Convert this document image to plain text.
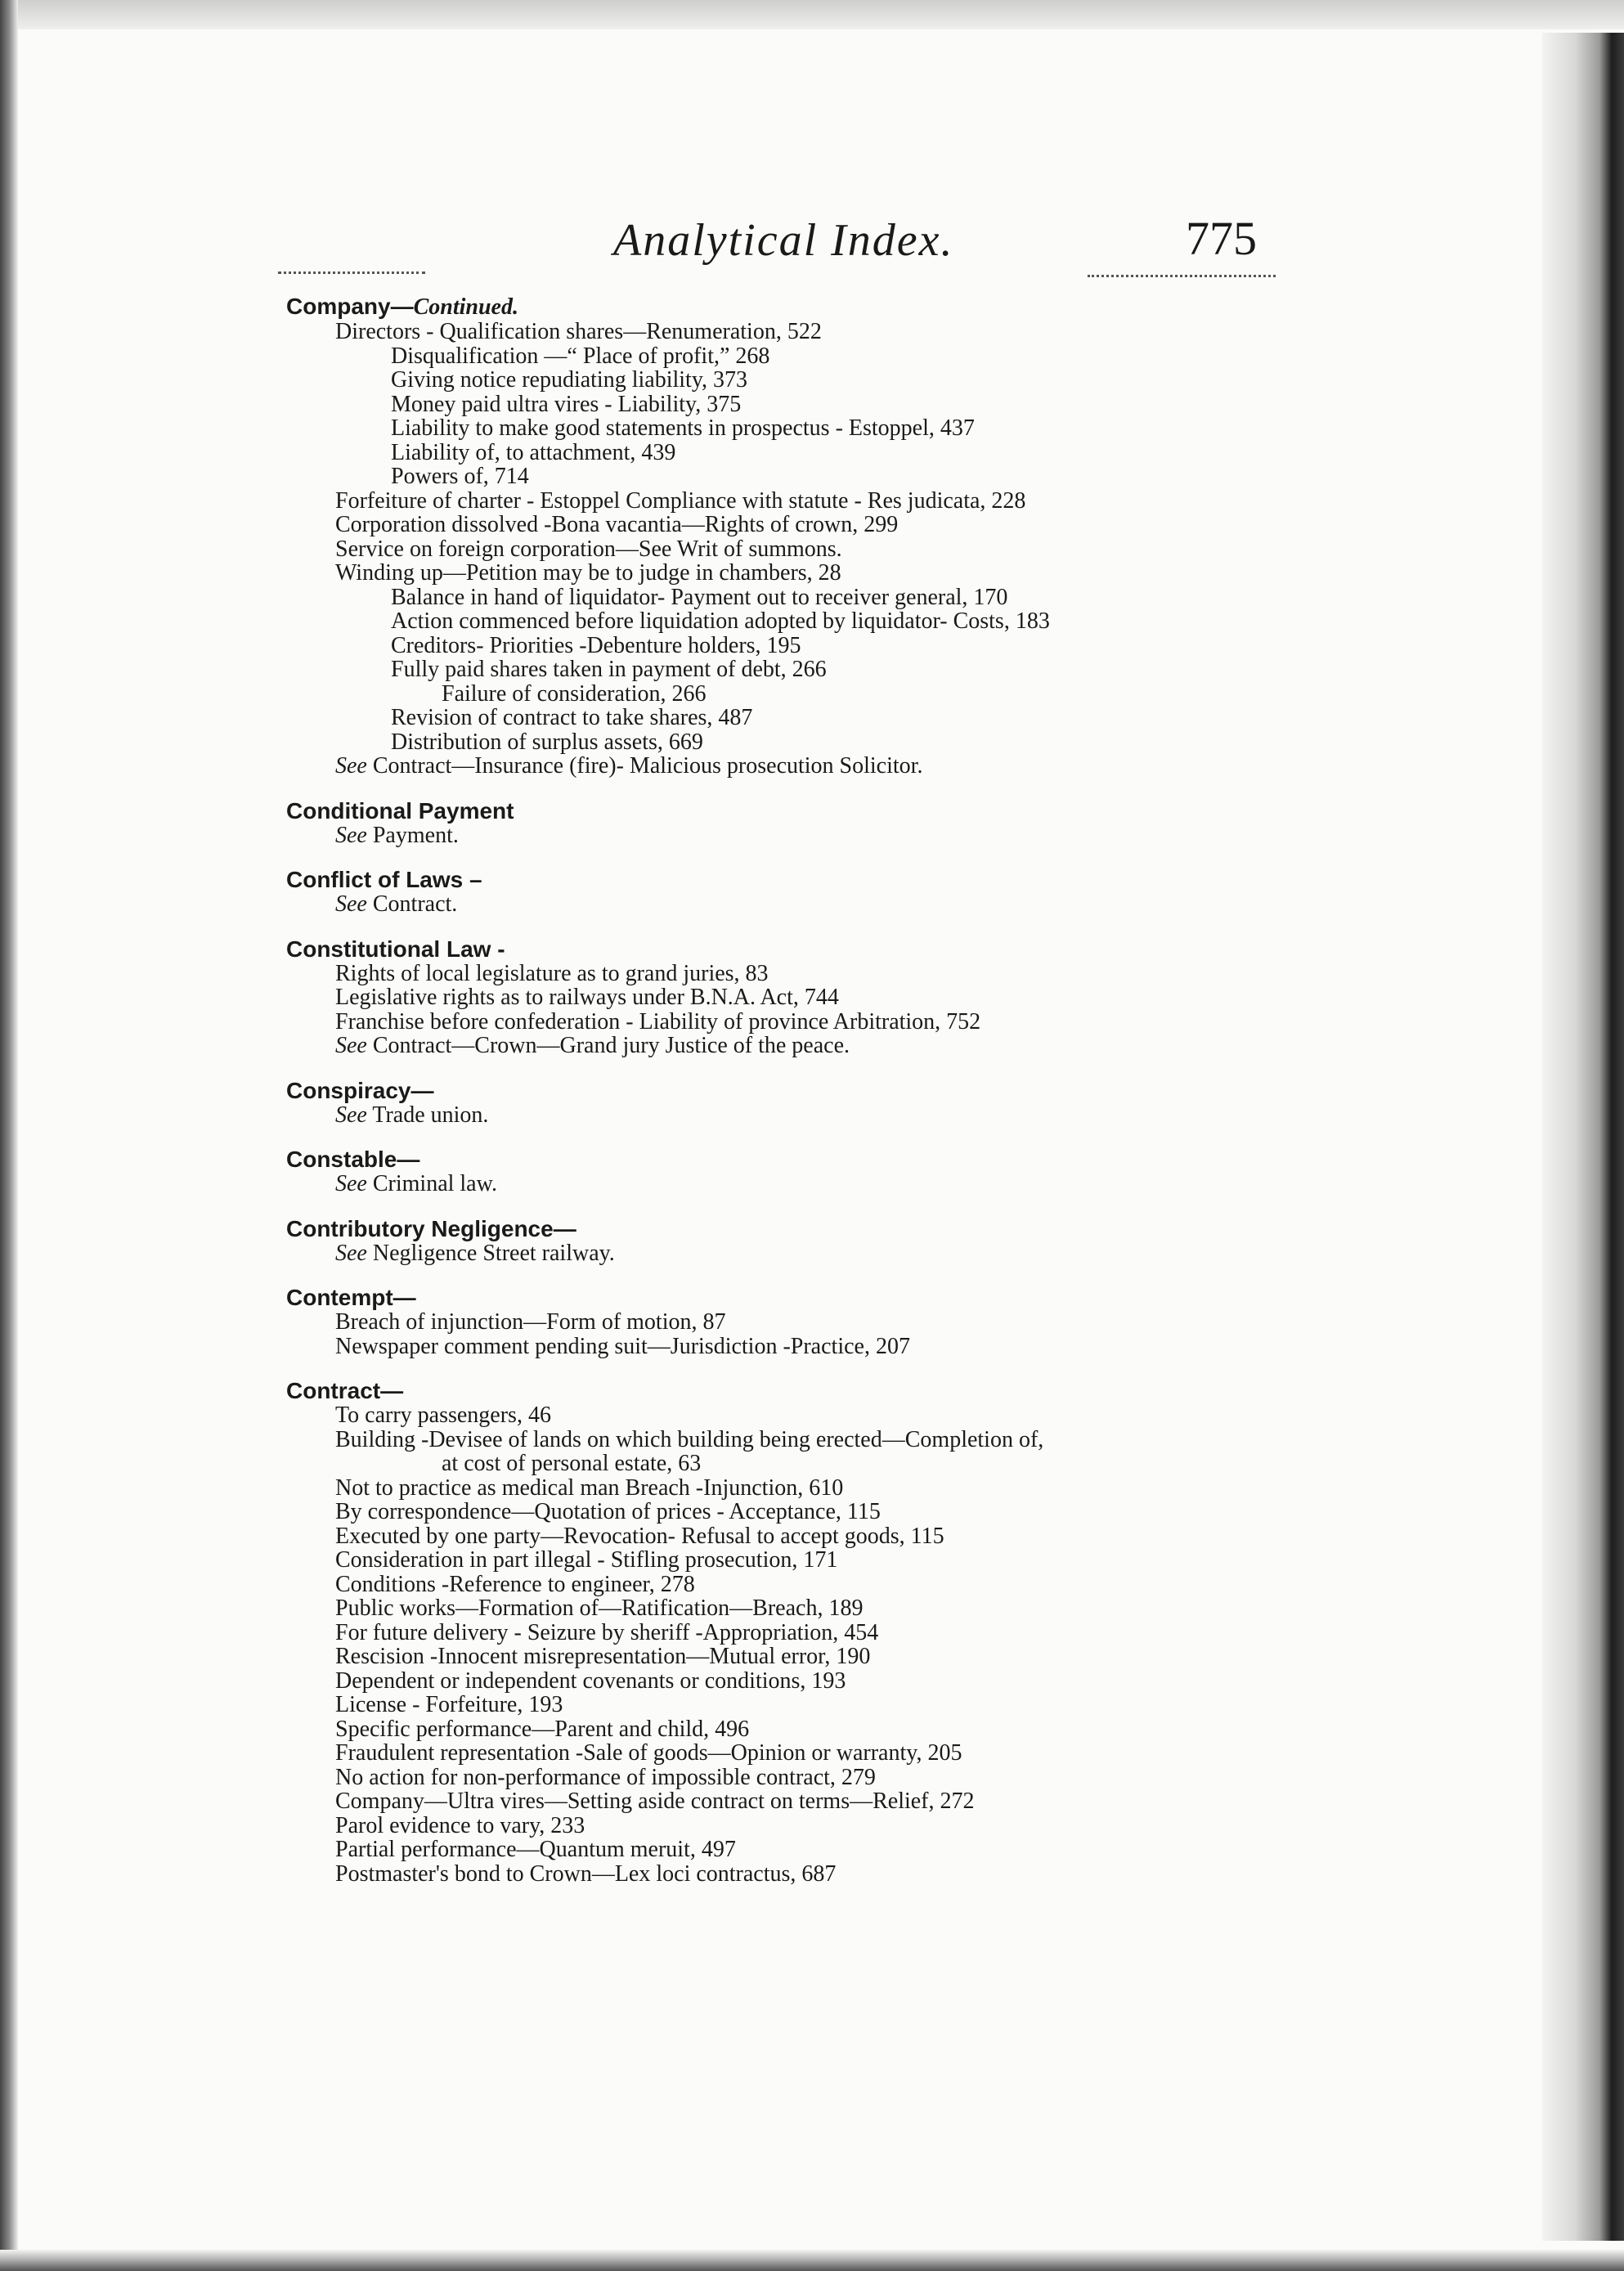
Analytical Index.	775
Company—Continued.
Directors - Qualification shares—Renumeration, 522
Disqualification —“ Place of profit,” 268
Giving notice repudiating liability, 373
Money paid ultra vires - Liability, 375
Liability to make good statements in prospectus - Estoppel, 437
Liability of, to attachment, 439
Powers of, 714
Forfeiture of charter - Estoppel Compliance with statute - Res judicata, 228
Corporation dissolved -Bona vacantia—Rights of crown, 299
Service on foreign corporation—See Writ of summons.
Winding up—Petition may be to judge in chambers, 28
Balance in hand of liquidator- Payment out to receiver general, 170
Action commenced before liquidation adopted by liquidator- Costs, 183
Creditors- Priorities -Debenture holders, 195
Fully paid shares taken in payment of debt, 266
Failure of consideration, 266
Revision of contract to take shares, 487
Distribution of surplus assets, 669
See Contract—Insurance (fire)- Malicious prosecution Solicitor.
Conditional Payment
See Payment.
Conflict of Laws –
See Contract.
Constitutional Law -
Rights of local legislature as to grand juries, 83
Legislative rights as to railways under B.N.A. Act, 744
Franchise before confederation - Liability of province Arbitration, 752
See Contract—Crown—Grand jury Justice of the peace.
Conspiracy—
See Trade union.
Constable—
See Criminal law.
Contributory Negligence—
See Negligence Street railway.
Contempt—
Breach of injunction—Form of motion, 87
Newspaper comment pending suit—Jurisdiction -Practice, 207
Contract—
To carry passengers, 46
Building -Devisee of lands on which building being erected—Completion of,
at cost of personal estate, 63
Not to practice as medical man Breach -Injunction, 610
By correspondence—Quotation of prices - Acceptance, 115
Executed by one party—Revocation- Refusal to accept goods, 115
Consideration in part illegal - Stifling prosecution, 171
Conditions -Reference to engineer, 278
Public works—Formation of—Ratification—Breach, 189
For future delivery - Seizure by sheriff -Appropriation, 454
Rescision -Innocent misrepresentation—Mutual error, 190
Dependent or independent covenants or conditions, 193
License - Forfeiture, 193
Specific performance—Parent and child, 496
Fraudulent representation -Sale of goods—Opinion or warranty, 205
No action for non-performance of impossible contract, 279
Company—Ultra vires—Setting aside contract on terms—Relief, 272
Parol evidence to vary, 233
Partial performance—Quantum meruit, 497
Postmaster's bond to Crown—Lex loci contractus, 687
